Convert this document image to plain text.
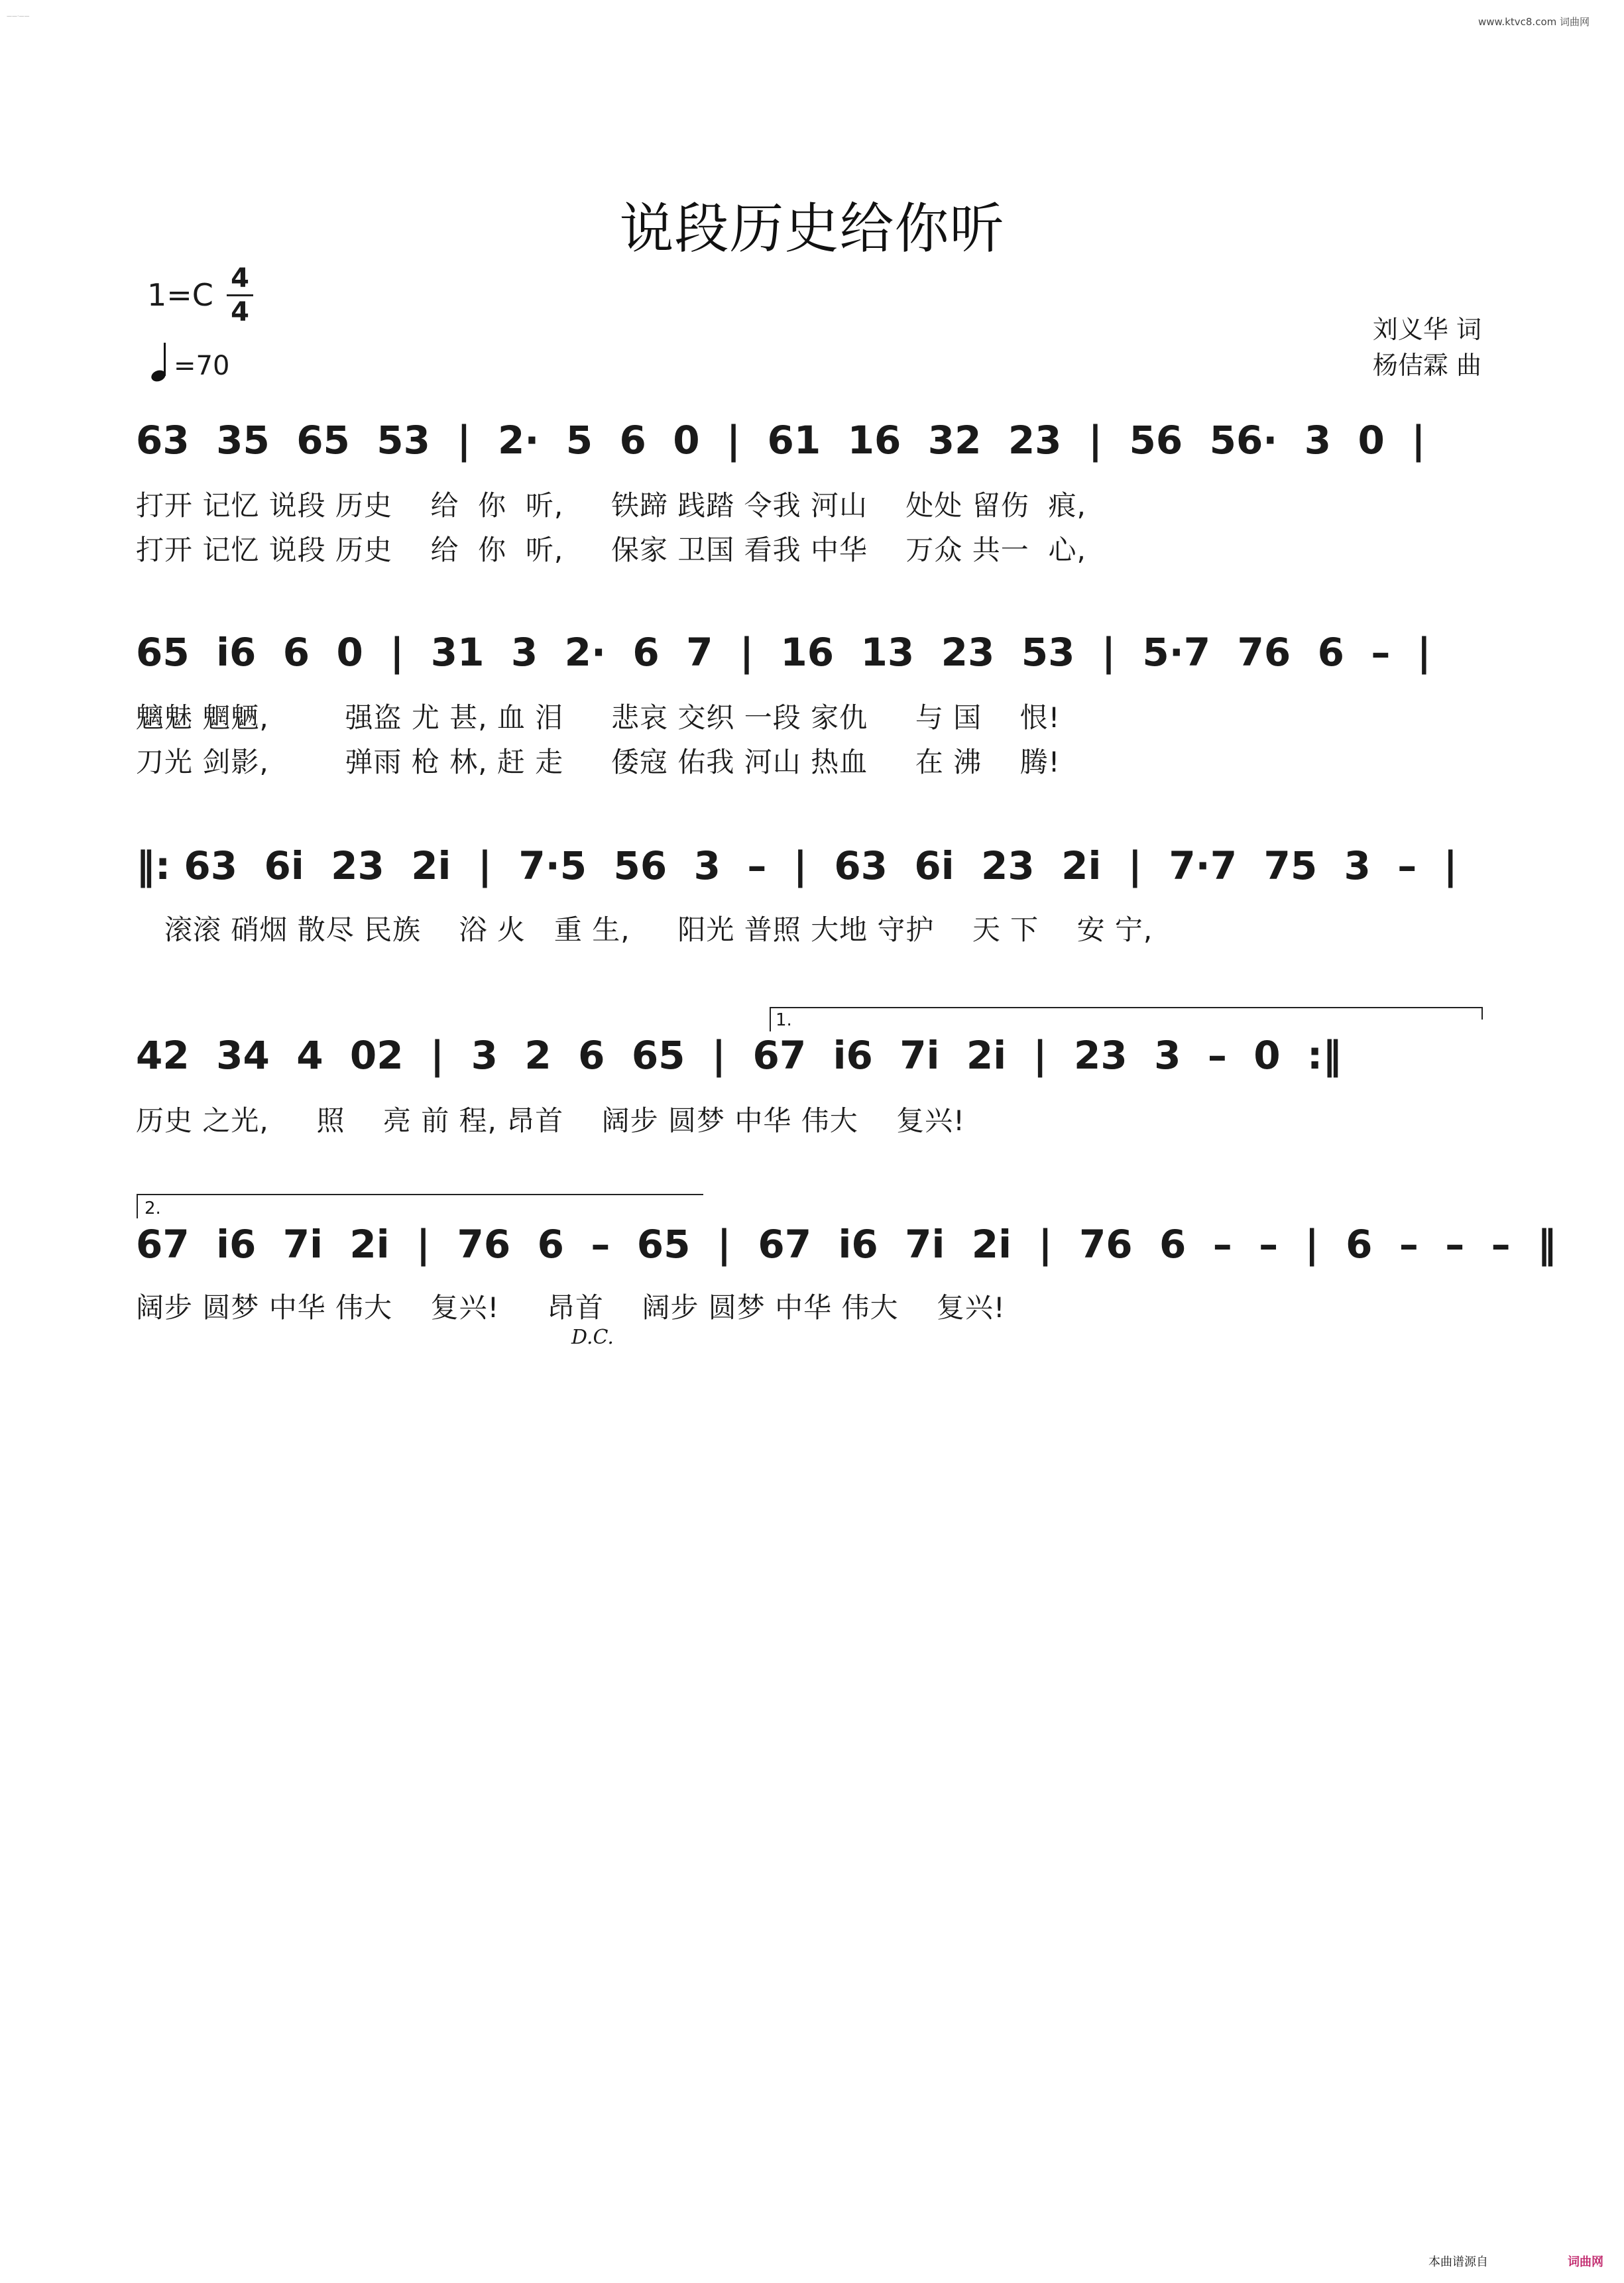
——·——	www.ktvc8.com 词曲网
说段历史给你听
1=C 4
4
=70
刘义华 词
杨佶霖 曲
63  35  65  53  |  2·  5  6  0  |  61  16  32  23  |  56  56·  3  0  |
打开 记忆 说段 历史    给  你  听,     铁蹄 践踏 令我 河山    处处 留伤  痕,
打开 记忆 说段 历史    给  你  听,     保家 卫国 看我 中华    万众 共一  心,
65  i6  6  0  |  31  3  2·  6  7  |  16  13  23  53  |  5·7  76  6  –  |
魑魅 魍魉,        强盗 尤 甚, 血 泪     悲哀 交织 一段 家仇     与 国    恨!
刀光 剑影,        弹雨 枪 林, 赶 走     倭寇 佑我 河山 热血     在 沸    腾!
‖: 63  6i  23  2i  |  7·5  56  3  –  |  63  6i  23  2i  |  7·7  75  3  –  |
滚滚 硝烟 散尽 民族    浴 火   重 生,     阳光 普照 大地 守护    天 下    安 宁,
1.
42  34  4  02  |  3  2  6  65  |  67  i6  7i  2i  |  23  3  –  0  :‖
历史 之光,     照    亮 前 程, 昂首    阔步 圆梦 中华 伟大    复兴!
2.
67  i6  7i  2i  |  76  6  –  65  |  67  i6  7i  2i  |  76  6  –  –  |  6  –  –  –  ‖
阔步 圆梦 中华 伟大    复兴!     昂首    阔步 圆梦 中华 伟大    复兴!
D.C.
本曲谱源自	词曲网
